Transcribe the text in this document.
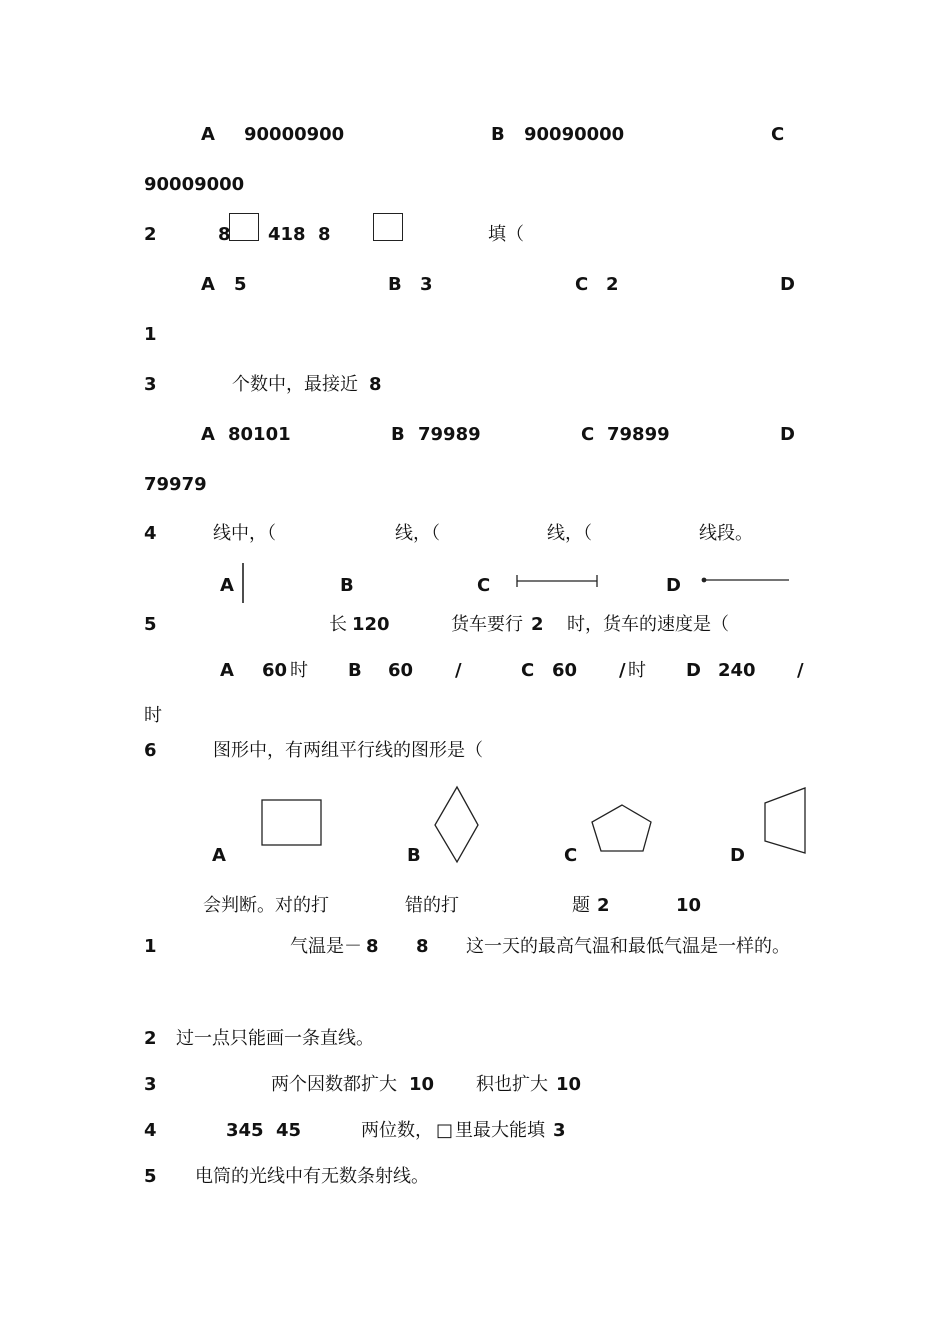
A 90000900	B 90090000	C
90009000
2	8 418 8	填（
A 5	B 3	C 2	D
1
3	个数中，最接近 8
A 80101	B 79989	C 79899	D
79979
4	线中，（	线，（	线，（	线段。
A	B	C	D
5	长 120	货车要行 2 时，货车的速度是（
A 60 时 B 60 /	C 60 / 时 D 240 /
时
6	图形中，有两组平行线的图形是（
A	B	C	D
会判断。对的打	错的打	题 2	10
1	气温是－ 8 8 这一天的最高气温和最低气温是一样的。
2 过一点只能画一条直线。
3	两个因数都扩大 10 积也扩大 10
4	345 45	两位数， □ 里最大能填 3
5 电筒的光线中有无数条射线。
